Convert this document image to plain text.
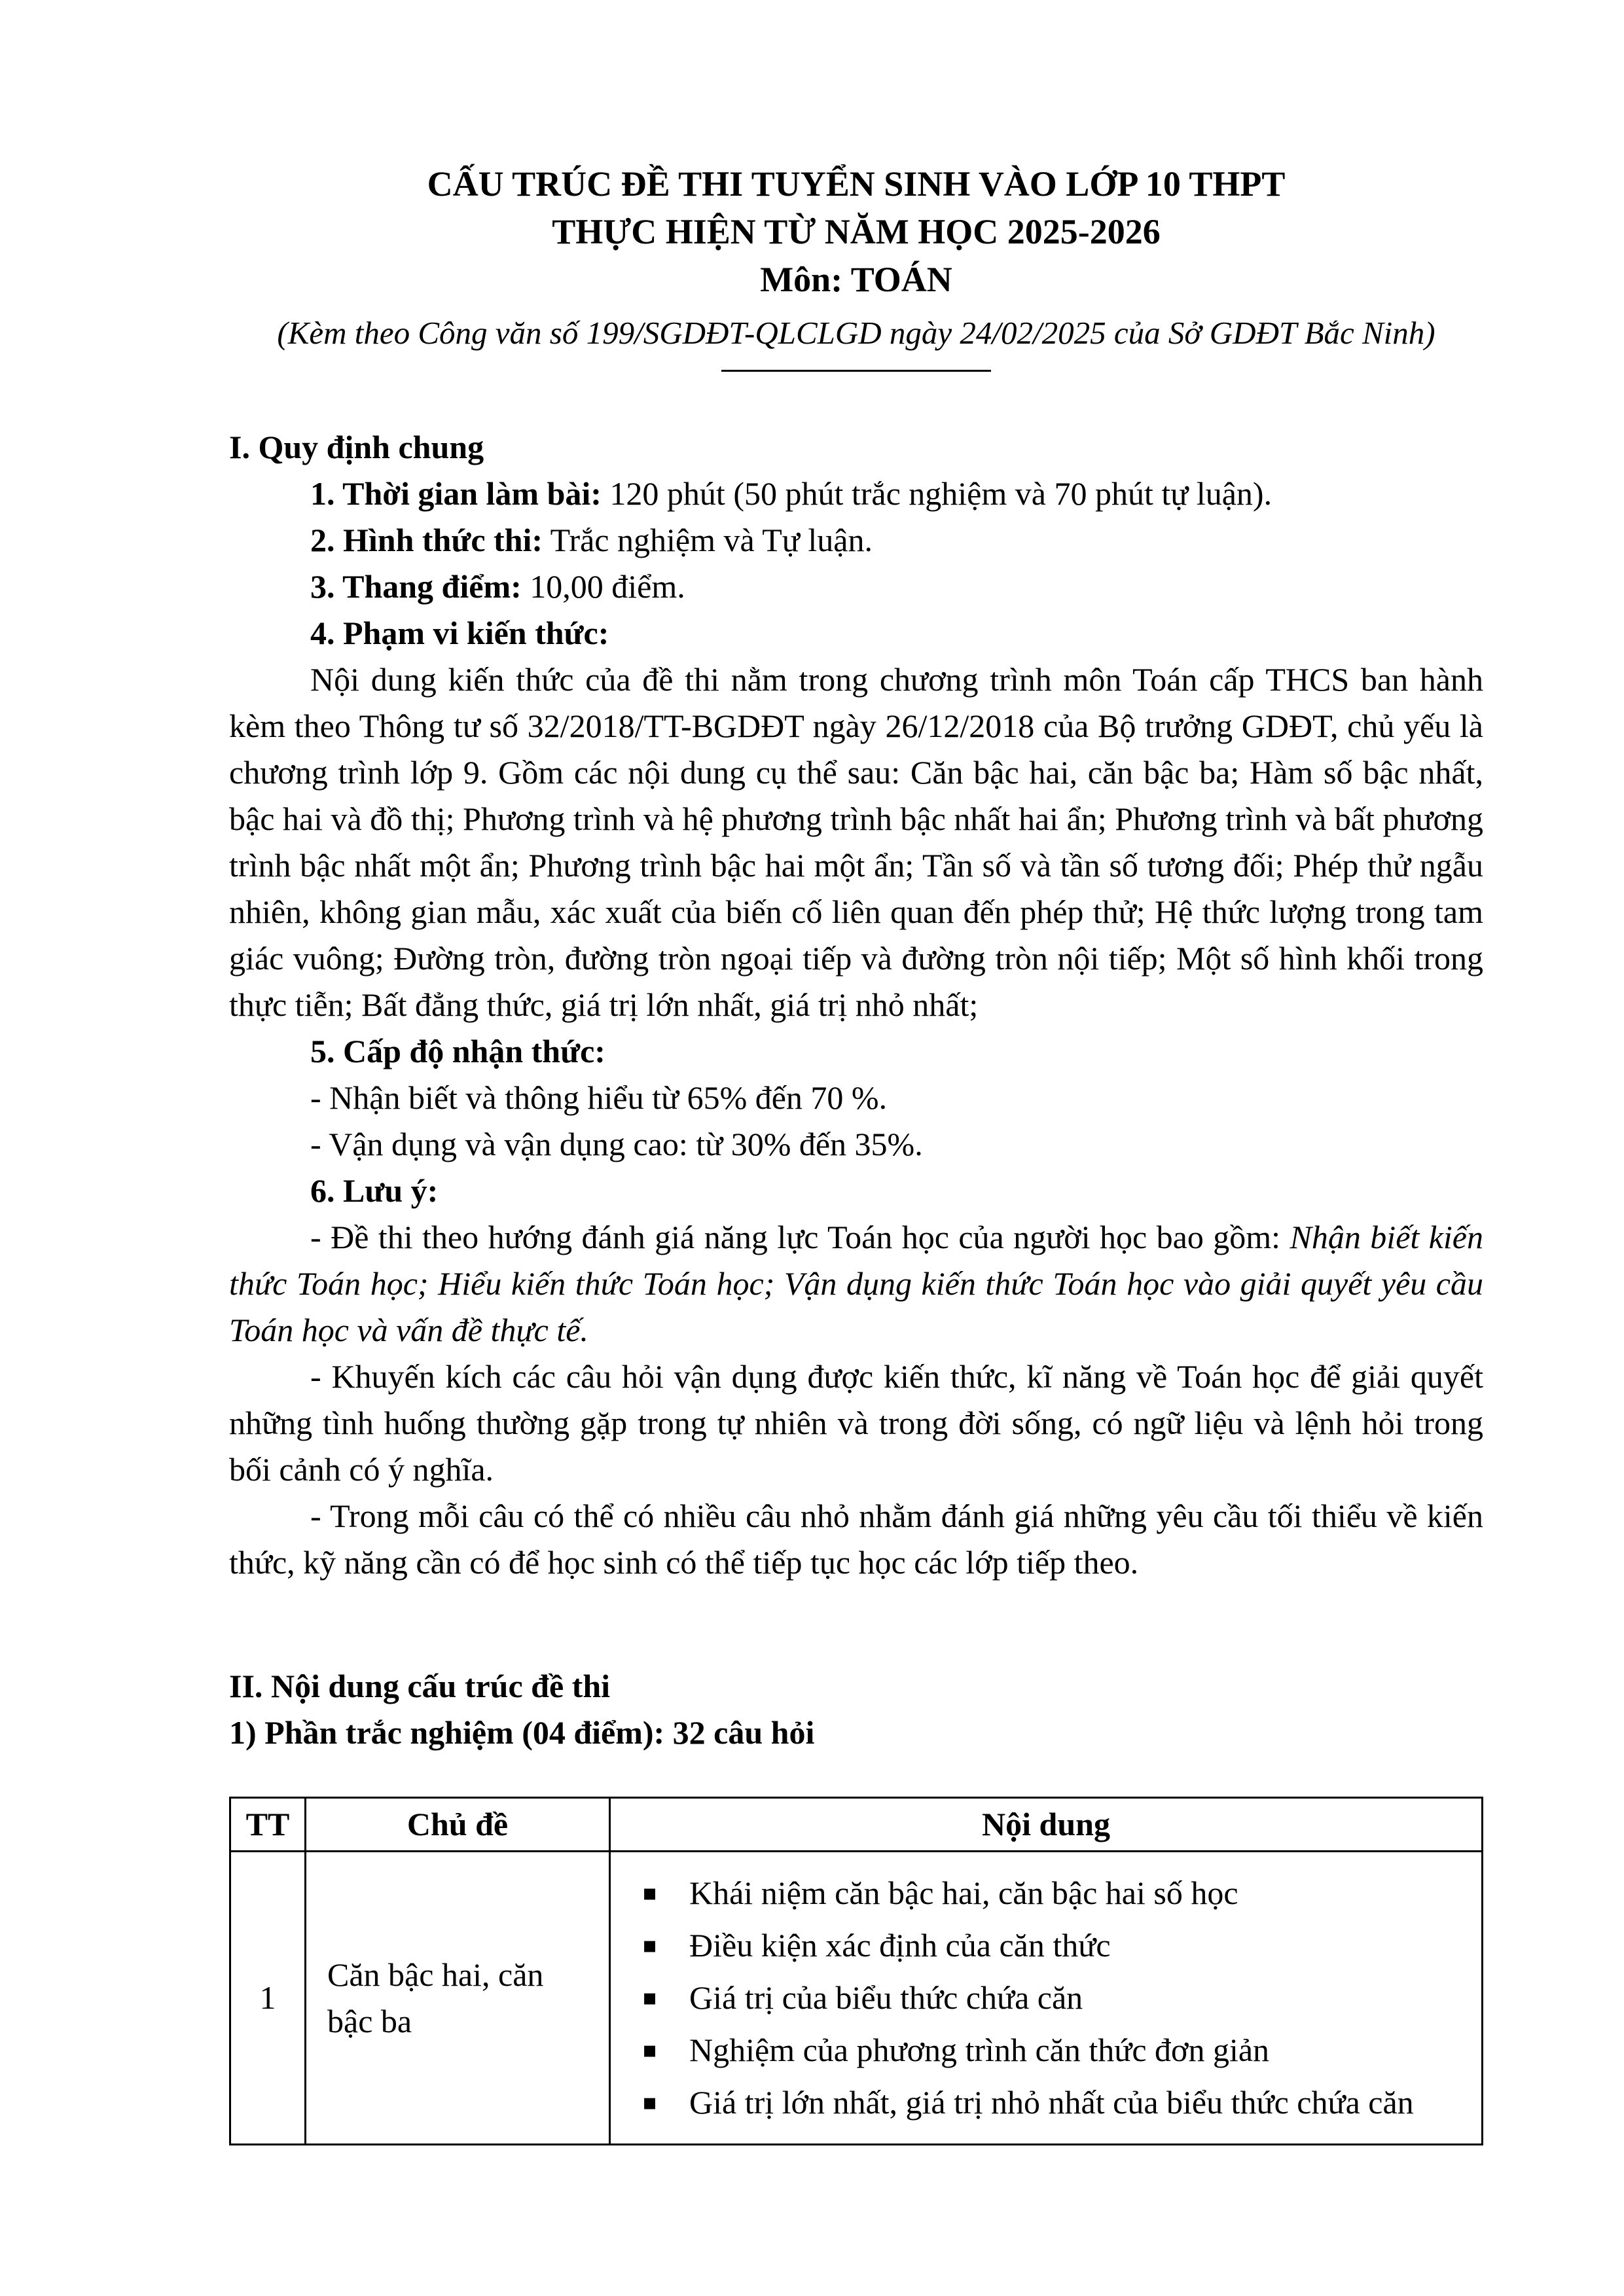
CẤU TRÚC ĐỀ THI TUYỂN SINH VÀO LỚP 10 THPT
THỰC HIỆN TỪ NĂM HỌC 2025-2026
Môn: TOÁN
(Kèm theo Công văn số 199/SGDĐT-QLCLGD ngày 24/02/2025 của Sở GDĐT Bắc Ninh)
I. Quy định chung

1. Thời gian làm bài: 120 phút (50 phút trắc nghiệm và 70 phút tự luận).

2. Hình thức thi: Trắc nghiệm và Tự luận.

3. Thang điểm: 10,00 điểm.

4. Phạm vi kiến thức:

Nội dung kiến thức của đề thi nằm trong chương trình môn Toán cấp THCS ban hành kèm theo Thông tư số 32/2018/TT-BGDĐT ngày 26/12/2018 của Bộ trưởng GDĐT, chủ yếu là chương trình lớp 9. Gồm các nội dung cụ thể sau: Căn bậc hai, căn bậc ba; Hàm số bậc nhất, bậc hai và đồ thị; Phương trình và hệ phương trình bậc nhất hai ẩn; Phương trình và bất phương trình bậc nhất một ẩn; Phương trình bậc hai một ẩn; Tần số và tần số tương đối; Phép thử ngẫu nhiên, không gian mẫu, xác xuất của biến cố liên quan đến phép thử; Hệ thức lượng trong tam giác vuông; Đường tròn, đường tròn ngoại tiếp và đường tròn nội tiếp; Một số hình khối trong thực tiễn; Bất đẳng thức, giá trị lớn nhất, giá trị nhỏ nhất;

5. Cấp độ nhận thức:

- Nhận biết và thông hiểu từ 65% đến 70 %.

- Vận dụng và vận dụng cao: từ 30% đến 35%.

6. Lưu ý:

- Đề thi theo hướng đánh giá năng lực Toán học của người học bao gồm: Nhận biết kiến thức Toán học; Hiểu kiến thức Toán học; Vận dụng kiến thức Toán học vào giải quyết yêu cầu Toán học và vấn đề thực tế.

- Khuyến kích các câu hỏi vận dụng được kiến thức, kĩ năng về Toán học để giải quyết những tình huống thường gặp trong tự nhiên và trong đời sống, có ngữ liệu và lệnh hỏi trong bối cảnh có ý nghĩa.

- Trong mỗi câu có thể có nhiều câu nhỏ nhằm đánh giá những yêu cầu tối thiểu về kiến thức, kỹ năng cần có để học sinh có thể tiếp tục học các lớp tiếp theo.

II. Nội dung cấu trúc đề thi
1) Phần trắc nghiệm (04 điểm): 32 câu hỏi
TT	Chủ đề	Nội dung
1	Căn bậc hai, căn bậc ba	
▪ Khái niệm căn bậc hai, căn bậc hai số học
▪ Điều kiện xác định của căn thức
▪ Giá trị của biểu thức chứa căn
▪ Nghiệm của phương trình căn thức đơn giản
▪ Giá trị lớn nhất, giá trị nhỏ nhất của biểu thức chứa căn
